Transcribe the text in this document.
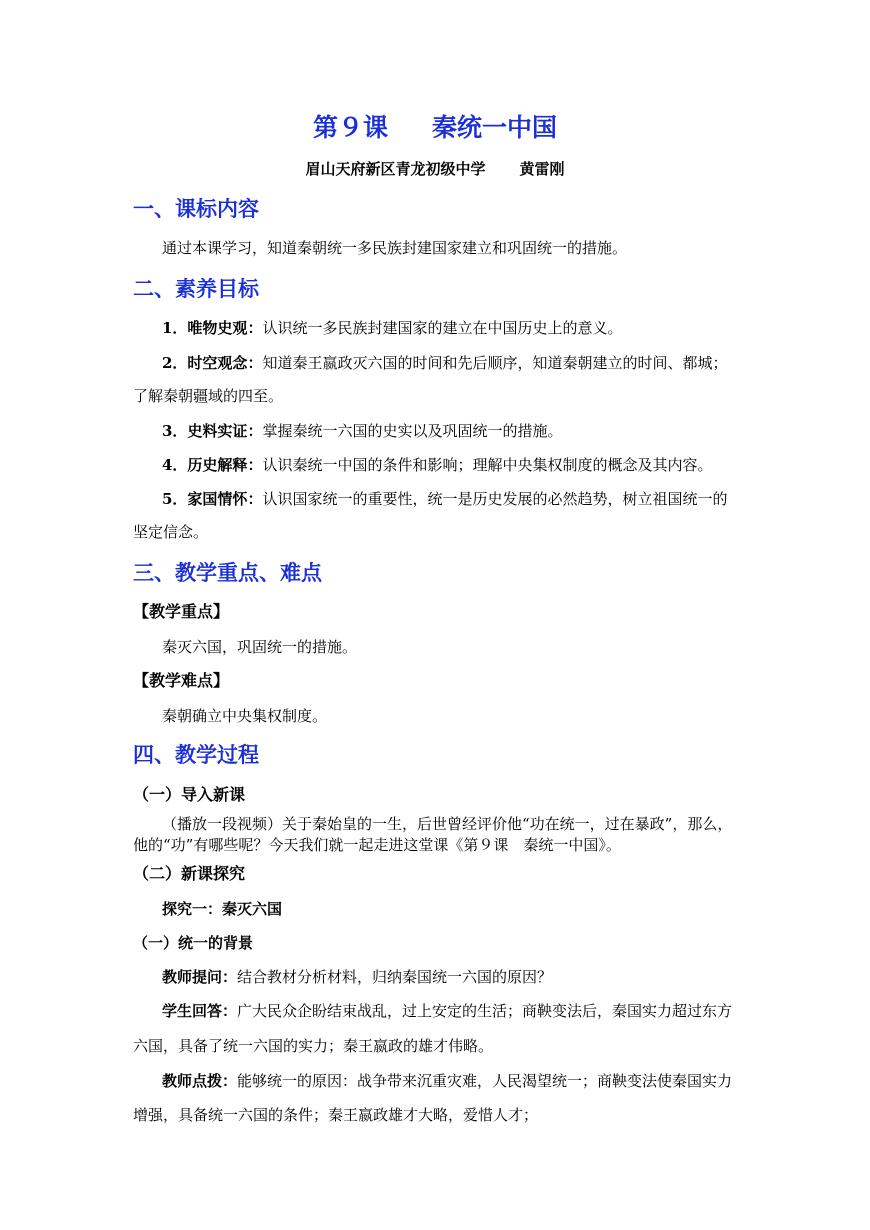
第９课 秦统一中国
眉山天府新区青龙初级中学 黄雷刚
一、课标内容
通过本课学习，知道秦朝统一多民族封建国家建立和巩固统一的措施。
二、素养目标
1．唯物史观：认识统一多民族封建国家的建立在中国历史上的意义。
2．时空观念：知道秦王嬴政灭六国的时间和先后顺序，知道秦朝建立的时间、都城；
了解秦朝疆域的四至。
3．史料实证：掌握秦统一六国的史实以及巩固统一的措施。
4．历史解释：认识秦统一中国的条件和影响；理解中央集权制度的概念及其内容。
5．家国情怀：认识国家统一的重要性，统一是历史发展的必然趋势，树立祖国统一的
坚定信念。
三、教学重点、难点
【教学重点】
秦灭六国，巩固统一的措施。
【教学难点】
秦朝确立中央集权制度。
四、教学过程
（一）导入新课
（播放一段视频）关于秦始皇的一生，后世曾经评价他“功在统一，过在暴政”，那么，
他的“功”有哪些呢？今天我们就一起走进这堂课《第９课　秦统一中国》。
（二）新课探究
探究一：秦灭六国
（一）统一的背景
教师提问：结合教材分析材料，归纳秦国统一六国的原因？
学生回答：广大民众企盼结束战乱，过上安定的生活；商鞅变法后，秦国实力超过东方
六国，具备了统一六国的实力；秦王嬴政的雄才伟略。
教师点拨：能够统一的原因：战争带来沉重灾难，人民渴望统一；商鞅变法使秦国实力
增强，具备统一六国的条件；秦王嬴政雄才大略，爱惜人才；
